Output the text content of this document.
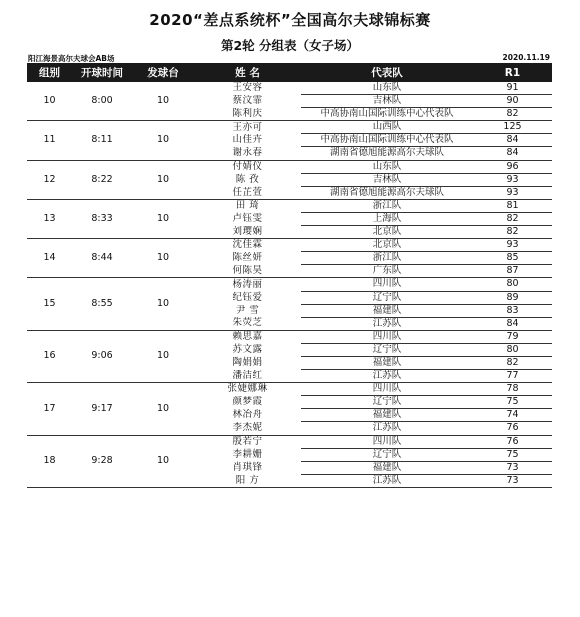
2020“差点系统杯”全国高尔夫球锦标赛
第2轮 分组表（女子场）
阳江海景高尔夫球会AB场	2020.11.19
组别	开球时间	发球台	姓 名	代表队	R1
10	8:00	10	王安容	山东队	91
			蔡汶霏	吉林队	90
			陈利庆	中高协南山国际训练中心代表队	82
11	8:11	10	王亦可	山西队	125
			山佳卉	中高协南山国际训练中心代表队	84
			谢永春	湖南省德旭能源高尔夫球队	84
12	8:22	10	付婧仪	山东队	96
			陈 孜	吉林队	93
			任芷萱	湖南省德旭能源高尔夫球队	93
13	8:33	10	田 琦	浙江队	81
			卢钰雯	上海队	82
			刘璎娴	北京队	82
14	8:44	10	沈佳霖	北京队	93
			陈丝妍	浙江队	85
			何陈昊	广东队	87
15	8:55	10	杨涛丽	四川队	80
			纪钰爱	辽宁队	89
			尹 雪	福建队	83
			朱荧芝	江苏队	84
16	9:06	10	赖思嘉	四川队	79
			苏文露	辽宁队	80
			陶娟娟	福建队	82
			潘洁红	江苏队	77
17	9:17	10	张婕娜琳	四川队	78
			颜梦霞	辽宁队	75
			林冶舟	福建队	74
			李杰妮	江苏队	76
18	9:28	10	殷若宁	四川队	76
			李耕姗	辽宁队	75
			肖琪锋	福建队	73
			阳 方	江苏队	73
